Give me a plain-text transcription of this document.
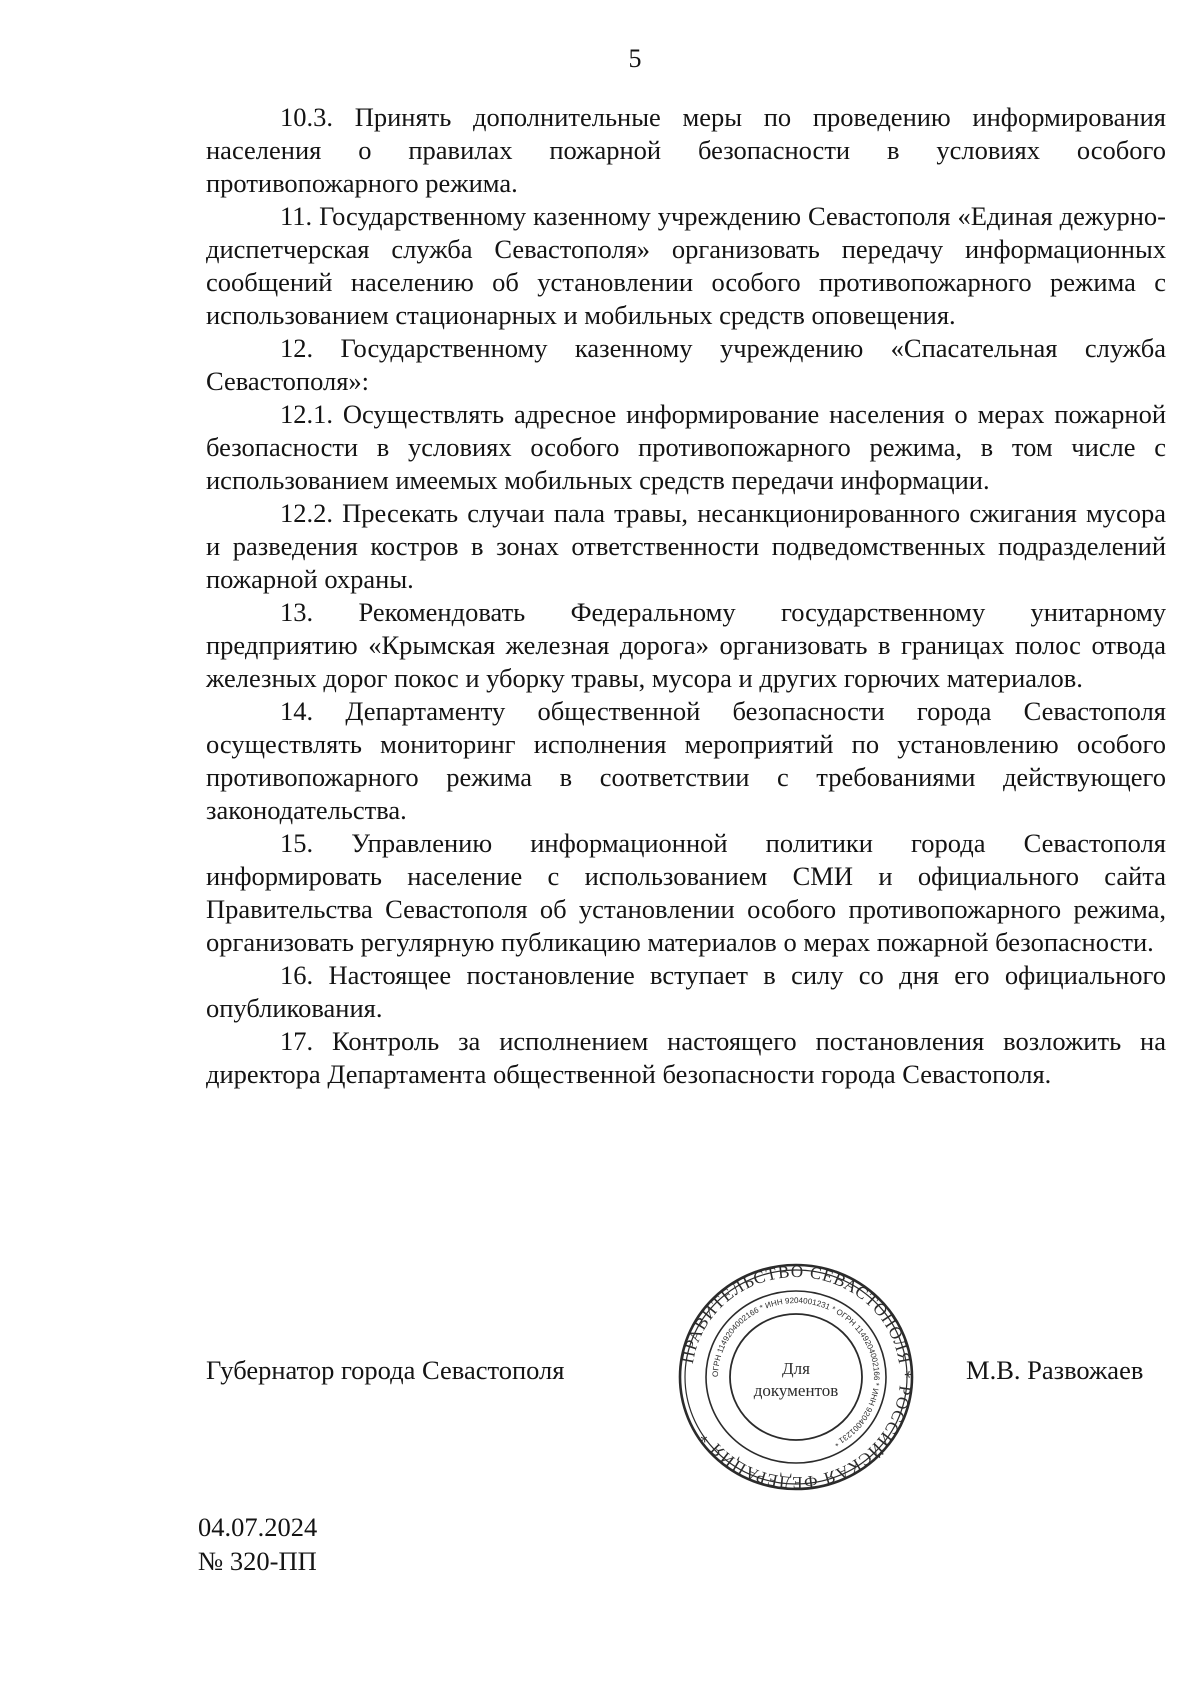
5

10.3. Принять дополнительные меры по проведению информирования населения о правилах пожарной безопасности в условиях особого противопожарного режима.

11. Государственному казенному учреждению Севастополя «Единая дежурно-диспетчерская служба Севастополя» организовать передачу информационных сообщений населению об установлении особого противопожарного режима с использованием стационарных и мобильных средств оповещения.

12. Государственному казенному учреждению «Спасательная служба Севастополя»:

12.1. Осуществлять адресное информирование населения о мерах пожарной безопасности в условиях особого противопожарного режима, в том числе с использованием имеемых мобильных средств передачи информации.

12.2. Пресекать случаи пала травы, несанкционированного сжигания мусора и разведения костров в зонах ответственности подведомственных подразделений пожарной охраны.

13. Рекомендовать Федеральному государственному унитарному предприятию «Крымская железная дорога» организовать в границах полос отвода железных дорог покос и уборку травы, мусора и других горючих материалов.

14. Департаменту общественной безопасности города Севастополя осуществлять мониторинг исполнения мероприятий по установлению особого противопожарного режима в соответствии с требованиями действующего законодательства.

15. Управлению информационной политики города Севастополя информировать население с использованием СМИ и официального сайта Правительства Севастополя об установлении особого противопожарного режима, организовать регулярную публикацию материалов о мерах пожарной безопасности.

16. Настоящее постановление вступает в силу со дня его официального опубликования.

17. Контроль за исполнением настоящего постановления возложить на директора Департамента общественной безопасности города Севастополя.

Губернатор города Севастополя	ПРАВИТЕЛЬСТВО СЕВАСТОПОЛЯ * РОССИЙСКАЯ ФЕДЕРАЦИЯ *
ОГРН 1149204002166 * ИНН 9204001231 * ОГРН 1149204002166 * ИНН 9204001231 *
Для
документов
М.В. Развожаев
04.07.2024
№ 320-ПП
